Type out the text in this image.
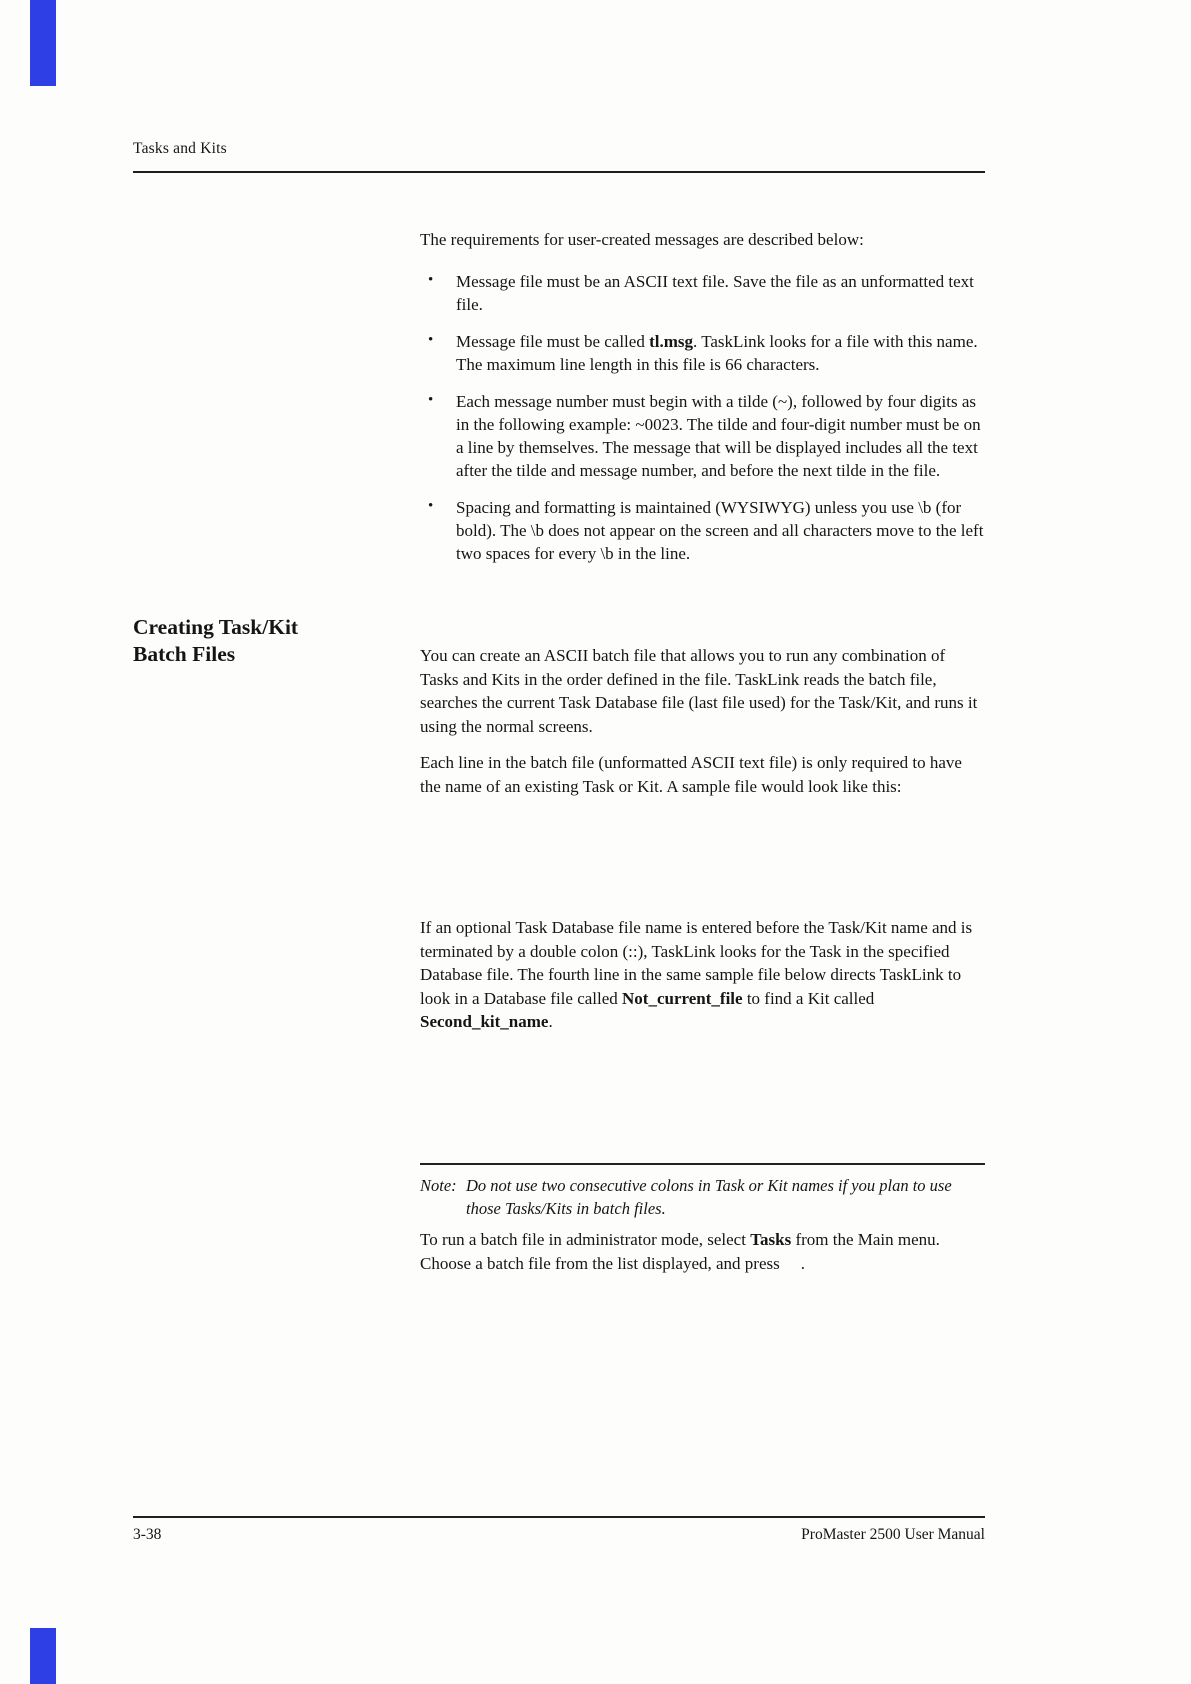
Tasks and Kits

The requirements for user-created messages are described below:

• Message file must be an ASCII text file. Save the file as an unformatted text file.
• Message file must be called tl.msg. TaskLink looks for a file with this name. The maximum line length in this file is 66 characters.
• Each message number must begin with a tilde (~), followed by four digits as in the following example: ~0023. The tilde and four-digit number must be on a line by themselves. The message that will be displayed includes all the text after the tilde and message number, and before the next tilde in the file.
• Spacing and formatting is maintained (WYSIWYG) unless you use \b (for bold). The \b does not appear on the screen and all characters move to the left two spaces for every \b in the line.
Creating Task/Kit
Batch Files	You can create an ASCII batch file that allows you to run any combination of Tasks and Kits in the order defined in the file. TaskLink reads the batch file, searches the current Task Database file (last file used) for the Task/Kit, and runs it using the normal screens.

Each line in the batch file (unformatted ASCII text file) is only required to have the name of an existing Task or Kit. A sample file would look like this:

If an optional Task Database file name is entered before the Task/Kit name and is terminated by a double colon (::), TaskLink looks for the Task in the specified Database file. The fourth line in the same sample file below directs TaskLink to look in a Database file called Not_current_file to find a Kit called Second_kit_name.

Note: Do not use two consecutive colons in Task or Kit names if you plan to use those Tasks/Kits in batch files.

To run a batch file in administrator mode, select Tasks from the Main menu. Choose a batch file from the list displayed, and press .

3-38	ProMaster 2500 User Manual
